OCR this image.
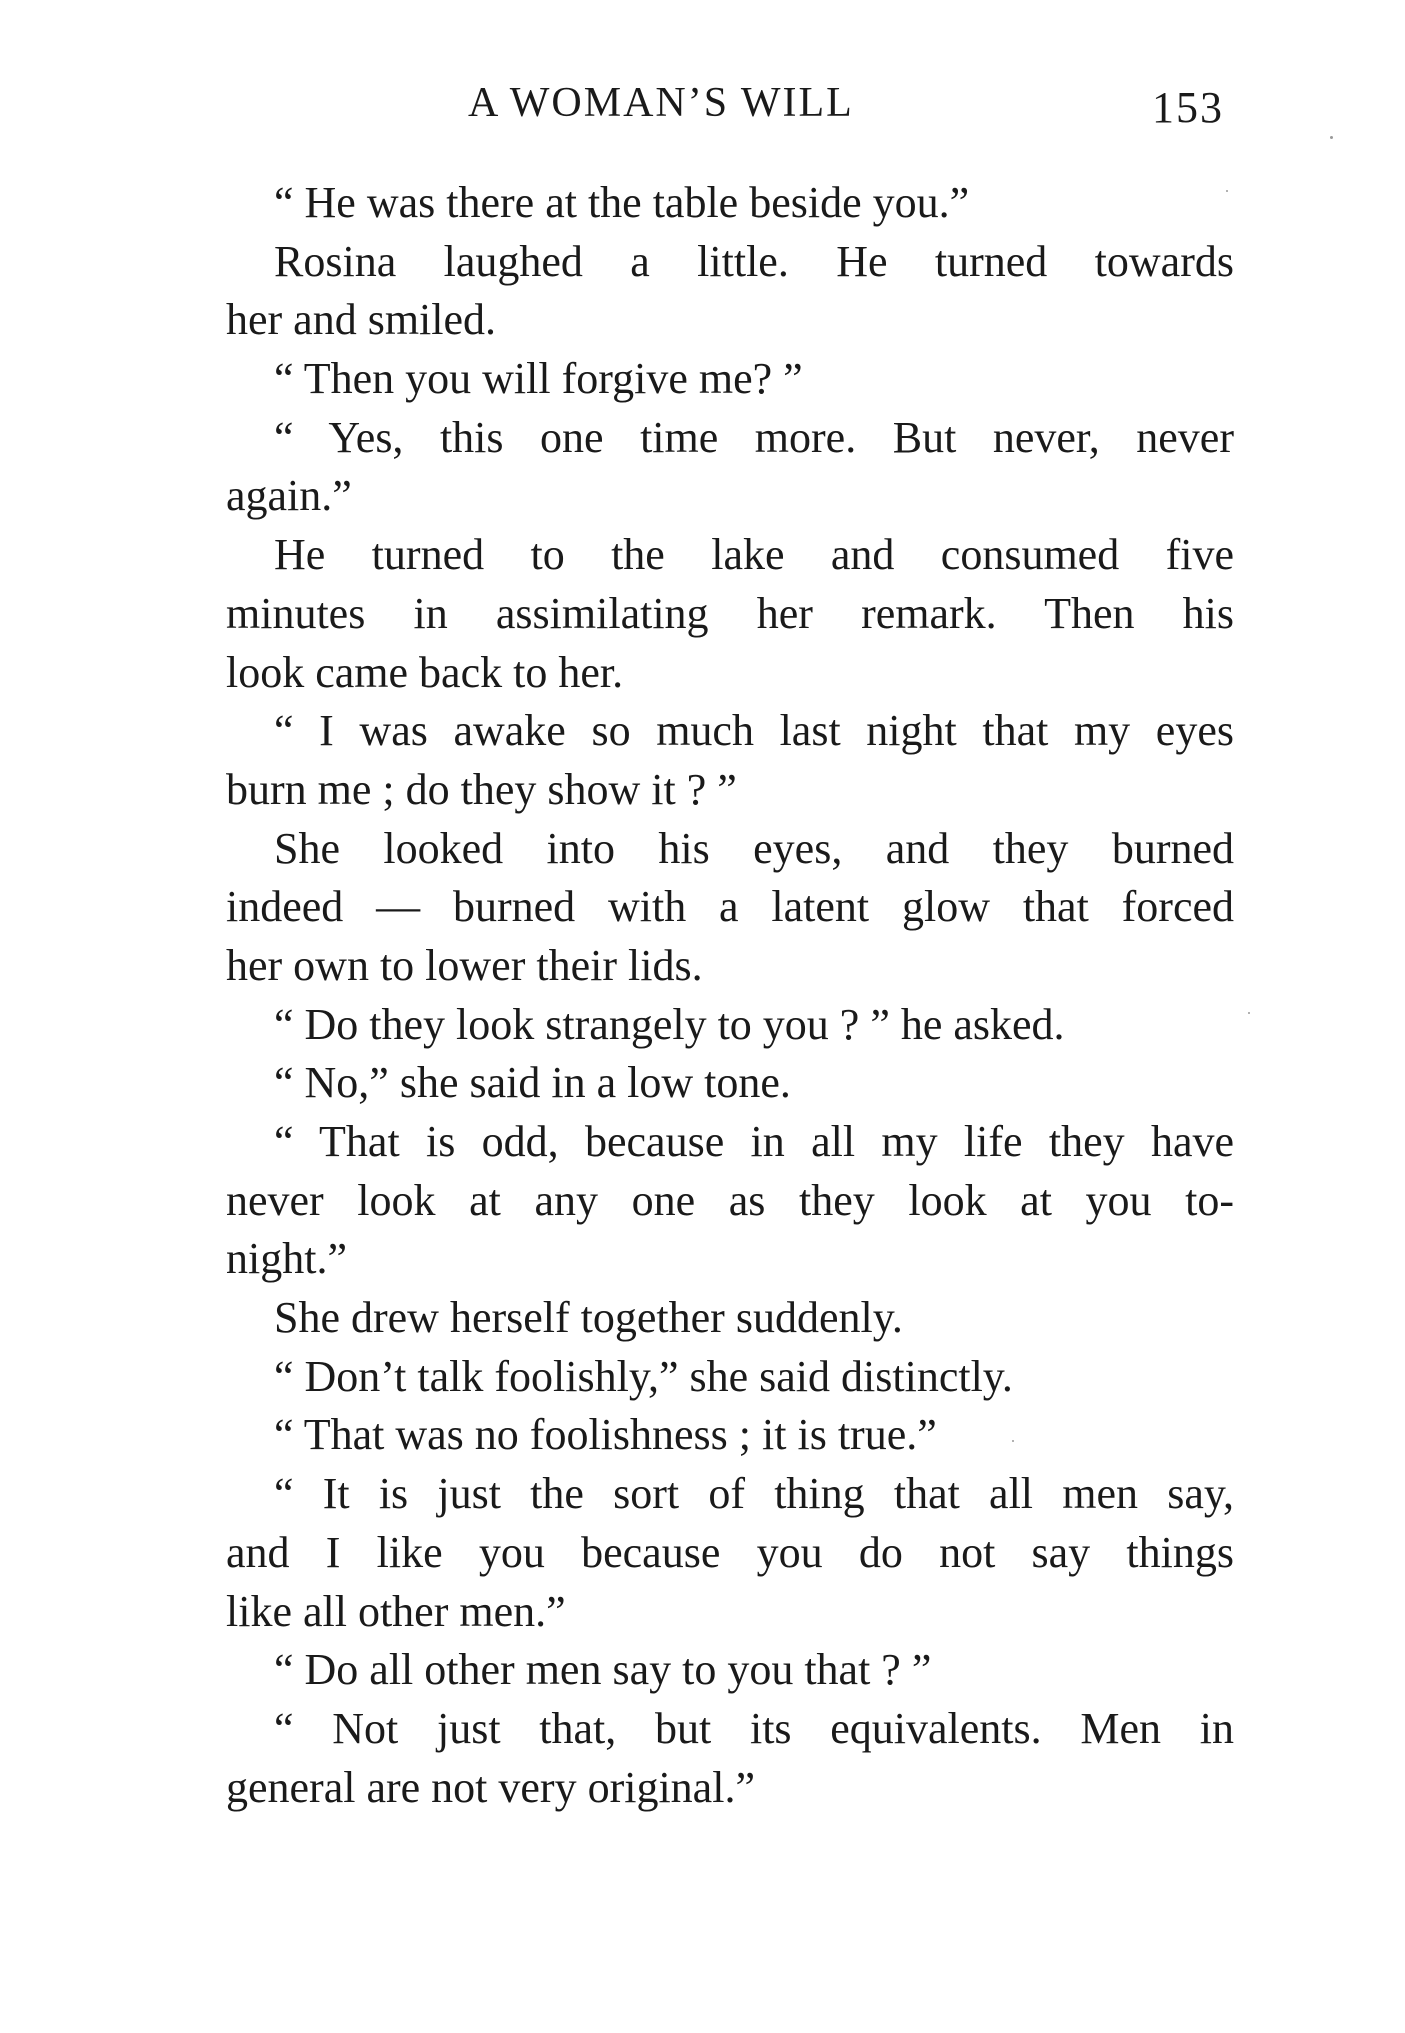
A WOMAN’S WILL	153
“ He was there at the table beside you.”
Rosina laughed a little. He turned towards
her and smiled.
“ Then you will forgive me? ”
“ Yes, this one time more. But never, never
again.”
He turned to the lake and consumed five
minutes in assimilating her remark. Then his
look came back to her.
“ I was awake so much last night that my eyes
burn me ; do they show it ? ”
She looked into his eyes, and they burned
indeed — burned with a latent glow that forced
her own to lower their lids.
“ Do they look strangely to you ? ” he asked.
“ No,” she said in a low tone.
“ That is odd, because in all my life they have
never look at any one as they look at you to-
night.”
She drew herself together suddenly.
“ Don’t talk foolishly,” she said distinctly.
“ That was no foolishness ; it is true.”
“ It is just the sort of thing that all men say,
and I like you because you do not say things
like all other men.”
“ Do all other men say to you that ? ”
“ Not just that, but its equivalents. Men in
general are not very original.”
